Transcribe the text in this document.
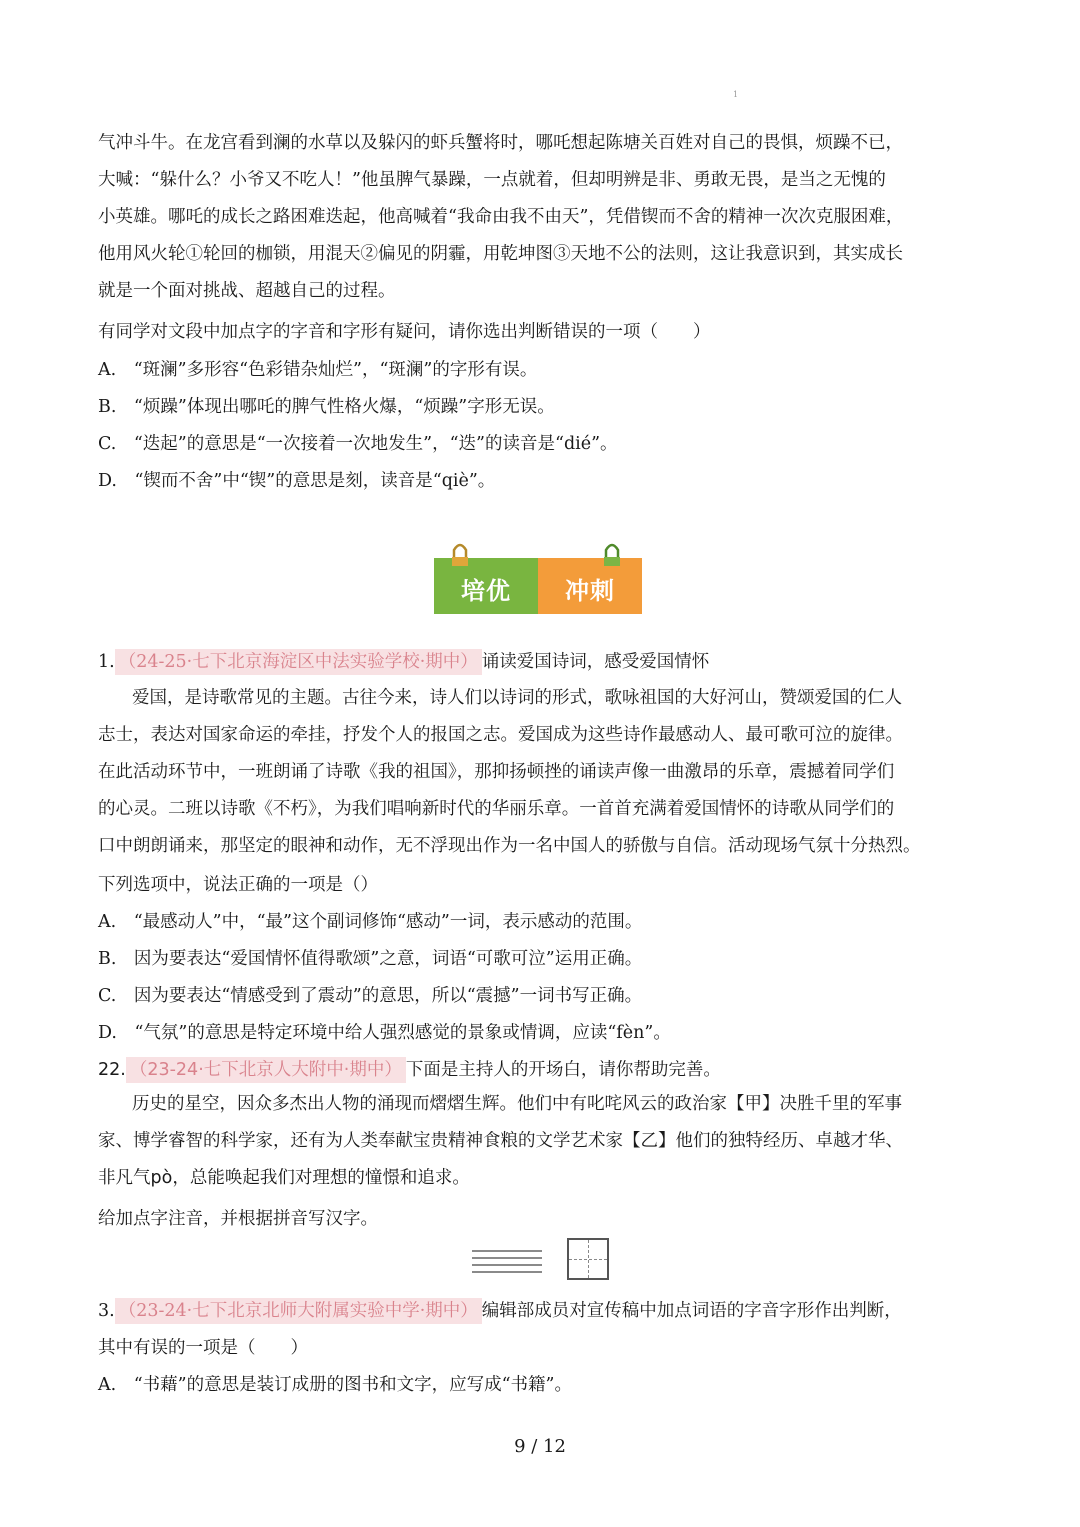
1
气冲斗牛。在龙宫看到澜的水草以及躲闪的虾兵蟹将时，哪吒想起陈塘关百姓对自己的畏惧，烦躁不已，
大喊：“躲什么？小爷又不吃人！”他虽脾气暴躁，一点就着，但却明辨是非、勇敢无畏，是当之无愧的
小英雄。哪吒的成长之路困难迭起，他高喊着“我命由我不由天”，凭借锲而不舍的精神一次次克服困难，
他用风火轮①轮回的枷锁，用混天②偏见的阴霾，用乾坤图③天地不公的法则，这让我意识到，其实成长
就是一个面对挑战、超越自己的过程。
有同学对文段中加点字的字音和字形有疑问，请你选出判断错误的一项（　　）
A.　“斑澜”多形容“色彩错杂灿烂”，“斑澜”的字形有误。
B.　“烦躁”体现出哪吒的脾气性格火爆，“烦躁”字形无误。
C.　“迭起”的意思是“一次接着一次地发生”，“迭”的读音是“dié”。
D.　“锲而不舍”中“锲”的意思是刻，读音是“qiè”。
培优	冲刺
1. （24-25·七下北京海淀区中法实验学校·期中） 诵读爱国诗词，感受爱国情怀
爱国，是诗歌常见的主题。古往今来，诗人们以诗词的形式，歌咏祖国的大好河山，赞颂爱国的仁人
志士，表达对国家命运的牵挂，抒发个人的报国之志。爱国成为这些诗作最感动人、最可歌可泣的旋律。
在此活动环节中，一班朗诵了诗歌《我的祖国》，那抑扬顿挫的诵读声像一曲激昂的乐章，震撼着同学们
的心灵。二班以诗歌《不朽》，为我们唱响新时代的华丽乐章。一首首充满着爱国情怀的诗歌从同学们的
口中朗朗诵来，那坚定的眼神和动作，无不浮现出作为一名中国人的骄傲与自信。活动现场气氛十分热烈。
下列选项中，说法正确的一项是（）
A.　“最感动人”中，“最”这个副词修饰“感动”一词，表示感动的范围。
B.　因为要表达“爱国情怀值得歌颂”之意，词语“可歌可泣”运用正确。
C.　因为要表达“情感受到了震动”的意思，所以“震撼”一词书写正确。
D.　“气氛”的意思是特定环境中给人强烈感觉的景象或情调，应读“fèn”。
22. （23-24·七下北京人大附中·期中） 下面是主持人的开场白，请你帮助完善。
历史的星空，因众多杰出人物的涌现而熠熠生辉。他们中有叱咤风云的政治家【甲】决胜千里的军事
家、博学睿智的科学家，还有为人类奉献宝贵精神食粮的文学艺术家【乙】他们的独特经历、卓越才华、
非凡气pò，总能唤起我们对理想的憧憬和追求。
给加点字注音，并根据拼音写汉字。
3. （23-24·七下北京北师大附属实验中学·期中） 编辑部成员对宣传稿中加点词语的字音字形作出判断，
其中有误的一项是（　　）
A.　“书藉”的意思是装订成册的图书和文字，应写成“书籍”。
9 / 12
